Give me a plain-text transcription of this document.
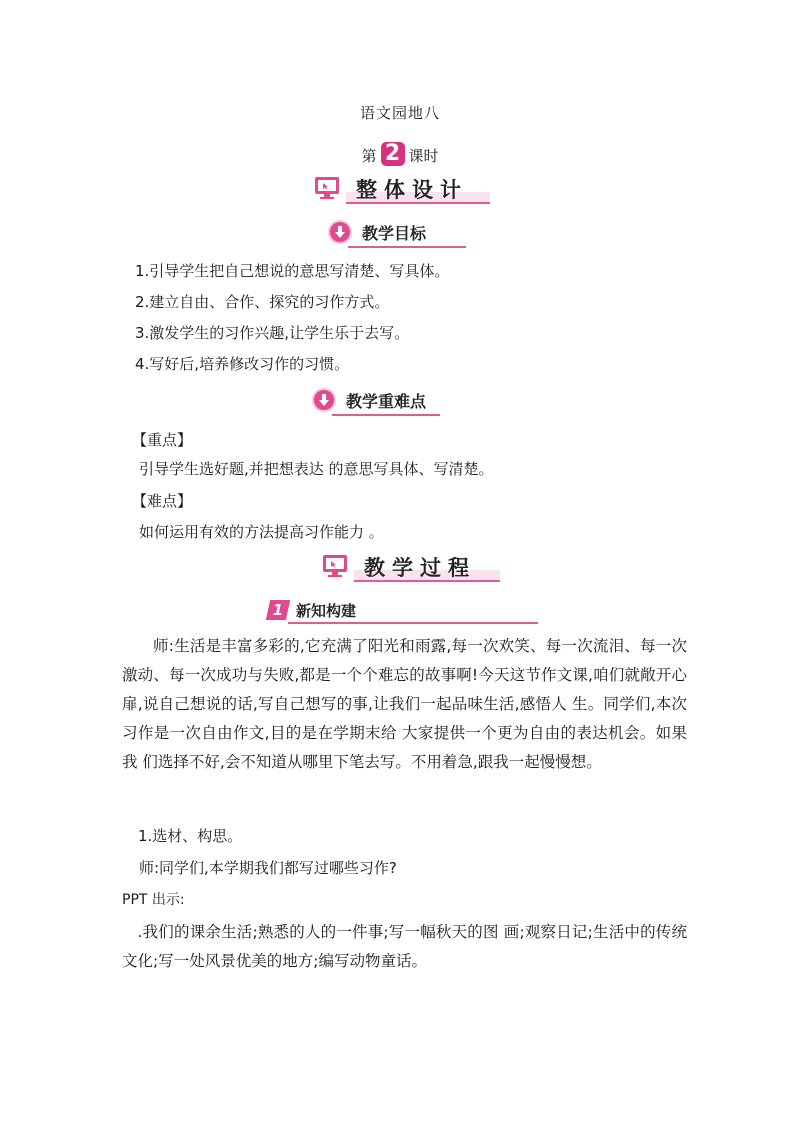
语文园地八
第 2 课时
整体设计
教学目标
1.引导学生把自己想说的意思写清楚、写具体。
2.建立自由、合作、探究的习作方式。
3.激发学生的习作兴趣,让学生乐于去写。
4.写好后,培养修改习作的习惯。
教学重难点
【重点】
引导学生选好题,并把想表达 的意思写具体、写清楚。
【难点】
如何运用有效的方法提高习作能力 。
教学过程
1 新知构建
师:生活是丰富多彩的,它充满了阳光和雨露,每一次欢笑、每一次流泪、每一次激动、每一次成功与失败,都是一个个难忘的故事啊!今天这节作文课,咱们就敞开心扉,说自己想说的话,写自己想写的事,让我们一起品味生活,感悟人 生。同学们,本次习作是一次自由作文,目的是在学期末给 大家提供一个更为自由的表达机会。如果我 们选择不好,会不知道从哪里下笔去写。不用着急,跟我一起慢慢想。
1.选材、构思。
师:同学们,本学期我们都写过哪些习作?
PPT 出示:
.我们的课余生活;熟悉的人的一件事;写一幅秋天的图 画;观察日记;生活中的传统文化;写一处风景优美的地方;编写动物童话。
